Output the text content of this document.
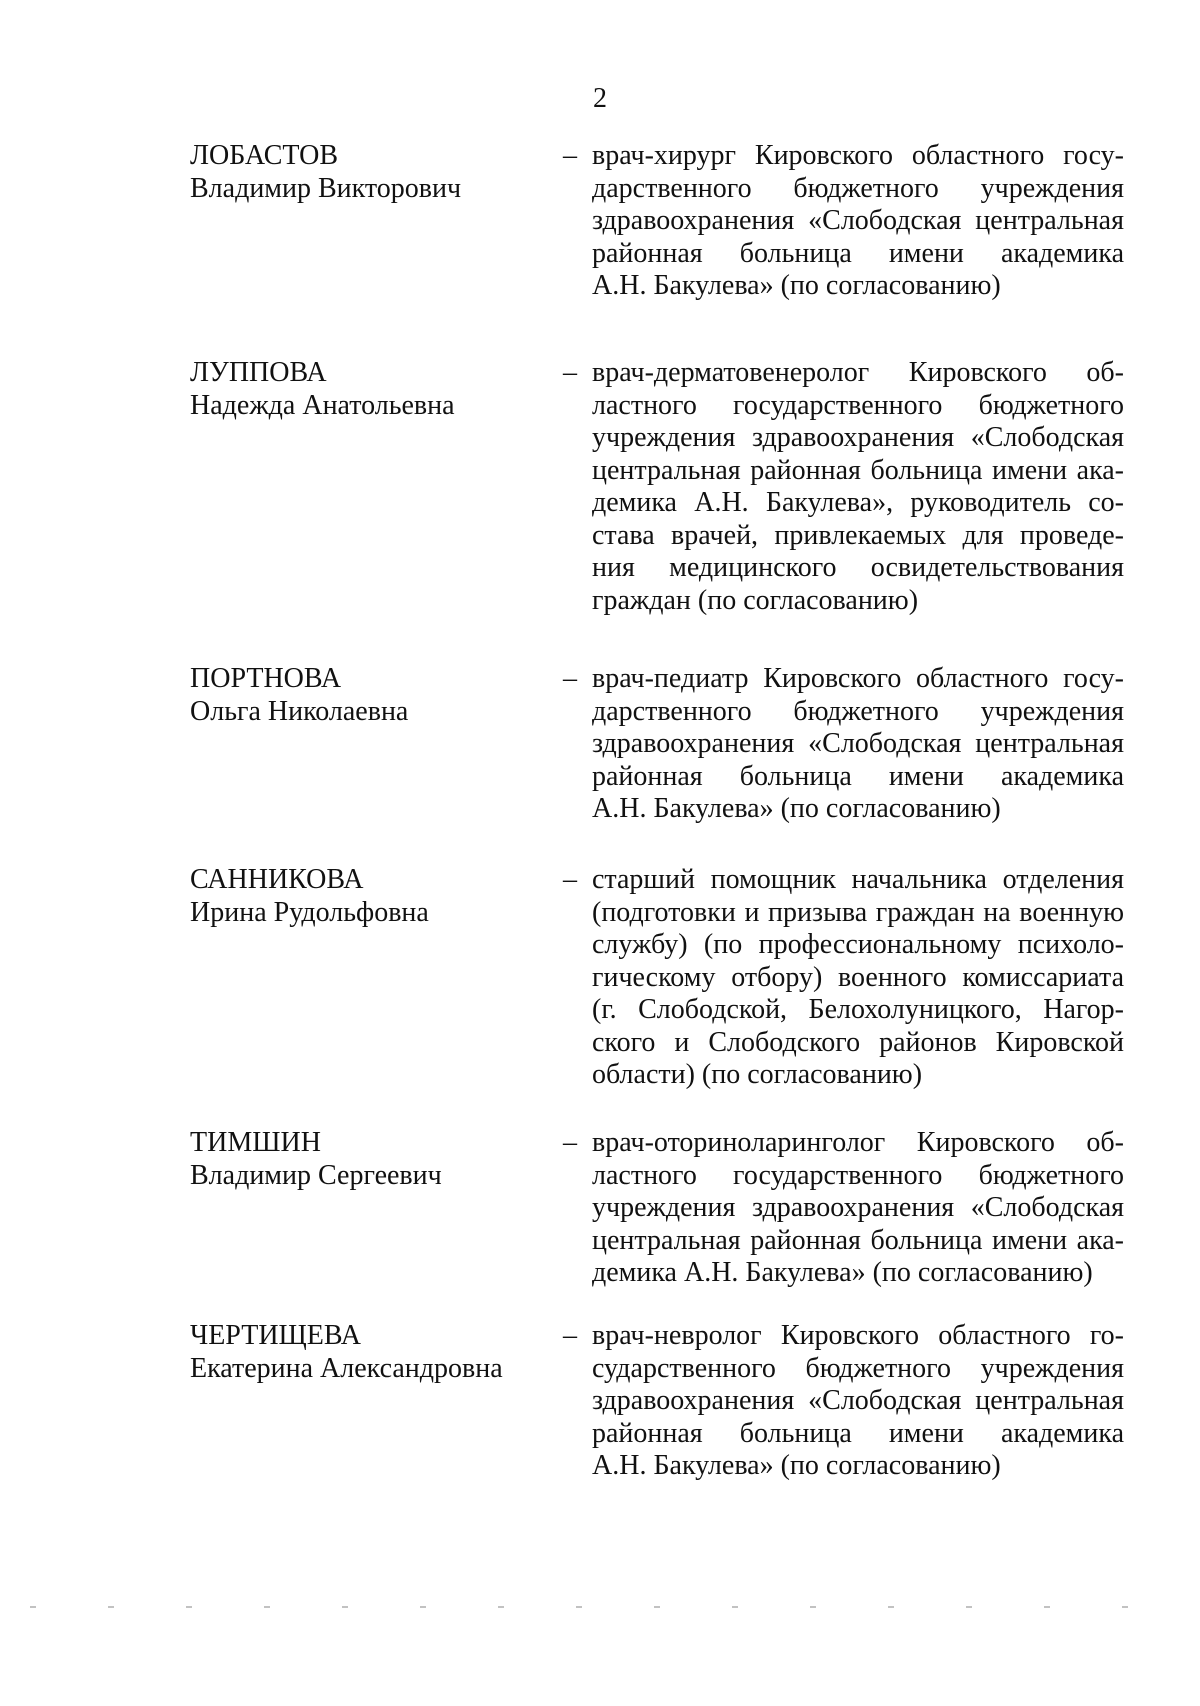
2
ЛОБАСТОВ
Владимир Викторович
– врач-хирург Кировского областного госу-
дарственного бюджетного учреждения
здравоохранения «Слободская центральная
районная больница имени академика
А.Н. Бакулева» (по согласованию)
ЛУППОВА
Надежда Анатольевна
– врач-дерматовенеролог Кировского об-
ластного государственного бюджетного
учреждения здравоохранения «Слободская
центральная районная больница имени ака-
демика А.Н. Бакулева», руководитель со-
става врачей, привлекаемых для проведе-
ния медицинского освидетельствования
граждан (по согласованию)
ПОРТНОВА
Ольга Николаевна
– врач-педиатр Кировского областного госу-
дарственного бюджетного учреждения
здравоохранения «Слободская центральная
районная больница имени академика
А.Н. Бакулева» (по согласованию)
САННИКОВА
Ирина Рудольфовна
– старший помощник начальника отделения
(подготовки и призыва граждан на военную
службу) (по профессиональному психоло-
гическому отбору) военного комиссариата
(г. Слободской, Белохолуницкого, Нагор-
ского и Слободского районов Кировской
области) (по согласованию)
ТИМШИН
Владимир Сергеевич
– врач-оториноларинголог Кировского об-
ластного государственного бюджетного
учреждения здравоохранения «Слободская
центральная районная больница имени ака-
демика А.Н. Бакулева» (по согласованию)
ЧЕРТИЩЕВА
Екатерина Александровна
– врач-невролог Кировского областного го-
сударственного бюджетного учреждения
здравоохранения «Слободская центральная
районная больница имени академика
А.Н. Бакулева» (по согласованию)
